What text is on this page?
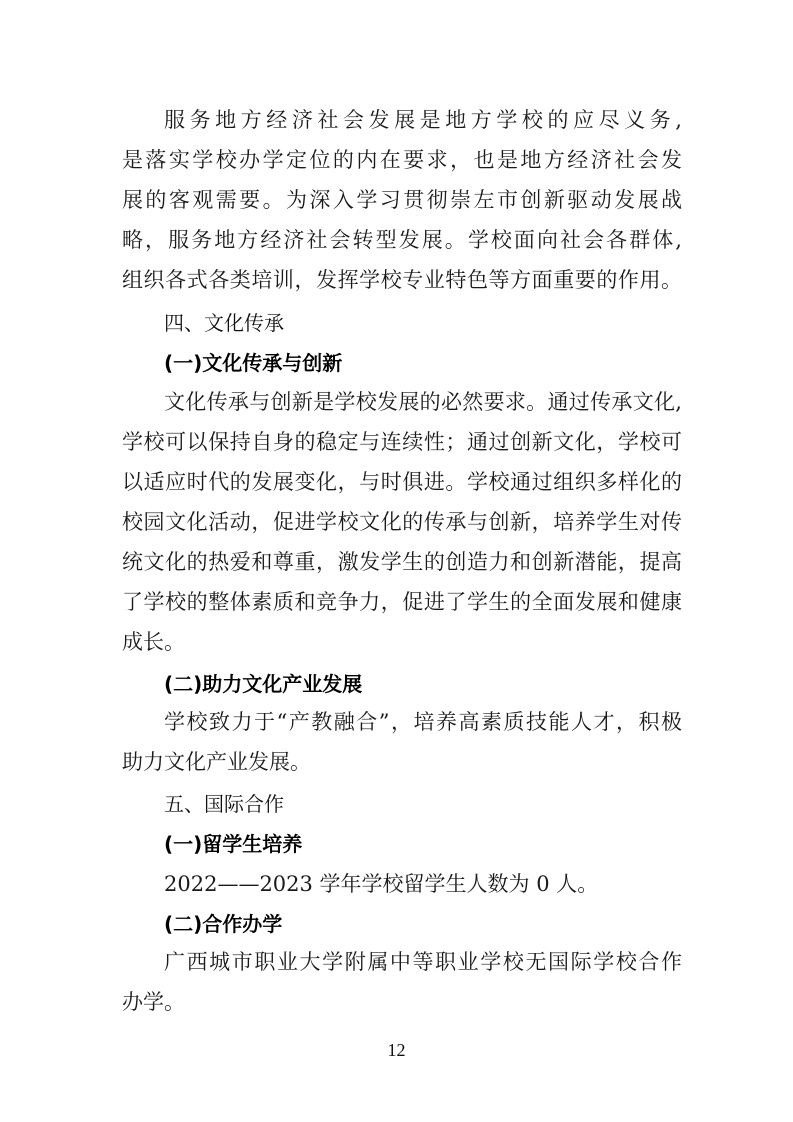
服务地方经济社会发展是地方学校的应尽义务,
是落实学校办学定位的内在要求，也是地方经济社会发
展的客观需要。为深入学习贯彻崇左市创新驱动发展战
略，服务地方经济社会转型发展。学校面向社会各群体,
组织各式各类培训，发挥学校专业特色等方面重要的作用。
四、文化传承
(一)文化传承与创新
文化传承与创新是学校发展的必然要求。通过传承文化,
学校可以保持自身的稳定与连续性；通过创新文化，学校可
以适应时代的发展变化，与时俱进。学校通过组织多样化的
校园文化活动，促进学校文化的传承与创新，培养学生对传
统文化的热爱和尊重，激发学生的创造力和创新潜能，提高
了学校的整体素质和竞争力，促进了学生的全面发展和健康
成长。
(二)助力文化产业发展
学校致力于“产教融合”，培养高素质技能人才，积极
助力文化产业发展。
五、国际合作
(一)留学生培养
2022——2023 学年学校留学生人数为 0 人。
(二)合作办学
广西城市职业大学附属中等职业学校无国际学校合作
办学。
12
